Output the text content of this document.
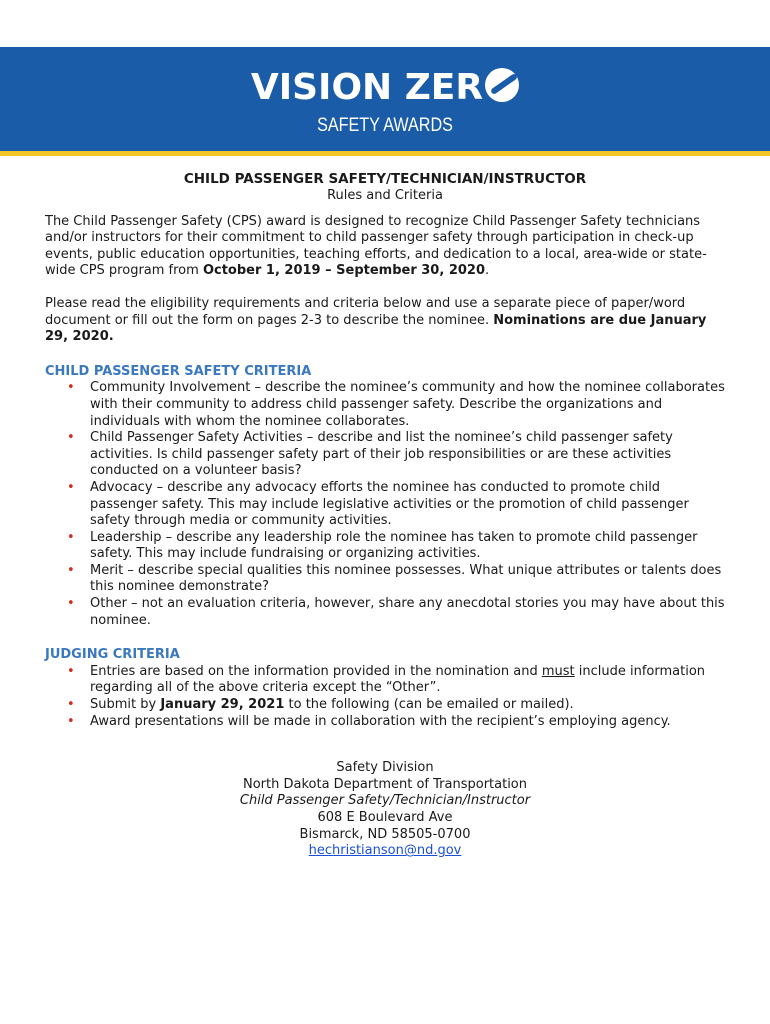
VISION ZER
SAFETY AWARDS

CHILD PASSENGER SAFETY/TECHNICIAN/INSTRUCTOR

Rules and Criteria

The Child Passenger Safety (CPS) award is designed to recognize Child Passenger Safety technicians and/or instructors for their commitment to child passenger safety through participation in check-up events, public education opportunities, teaching efforts, and dedication to a local, area-wide or state-wide CPS program from October 1, 2019 – September 30, 2020.

Please read the eligibility requirements and criteria below and use a separate piece of paper/word document or fill out the form on pages 2-3 to describe the nominee. Nominations are due January 29, 2020.

CHILD PASSENGER SAFETY CRITERIA

• Community Involvement – describe the nominee’s community and how the nominee collaborates with their community to address child passenger safety. Describe the organizations and individuals with whom the nominee collaborates.
• Child Passenger Safety Activities – describe and list the nominee’s child passenger safety activities. Is child passenger safety part of their job responsibilities or are these activities conducted on a volunteer basis?
• Advocacy – describe any advocacy efforts the nominee has conducted to promote child passenger safety. This may include legislative activities or the promotion of child passenger safety through media or community activities.
• Leadership – describe any leadership role the nominee has taken to promote child passenger safety. This may include fundraising or organizing activities.
• Merit – describe special qualities this nominee possesses. What unique attributes or talents does this nominee demonstrate?
• Other – not an evaluation criteria, however, share any anecdotal stories you may have about this nominee.

JUDGING CRITERIA

• Entries are based on the information provided in the nomination and must include information regarding all of the above criteria except the “Other”.
• Submit by January 29, 2021 to the following (can be emailed or mailed).
• Award presentations will be made in collaboration with the recipient’s employing agency.
Safety Division
North Dakota Department of Transportation
Child Passenger Safety/Technician/Instructor
608 E Boulevard Ave
Bismarck, ND 58505-0700
hechristianson@nd.gov
